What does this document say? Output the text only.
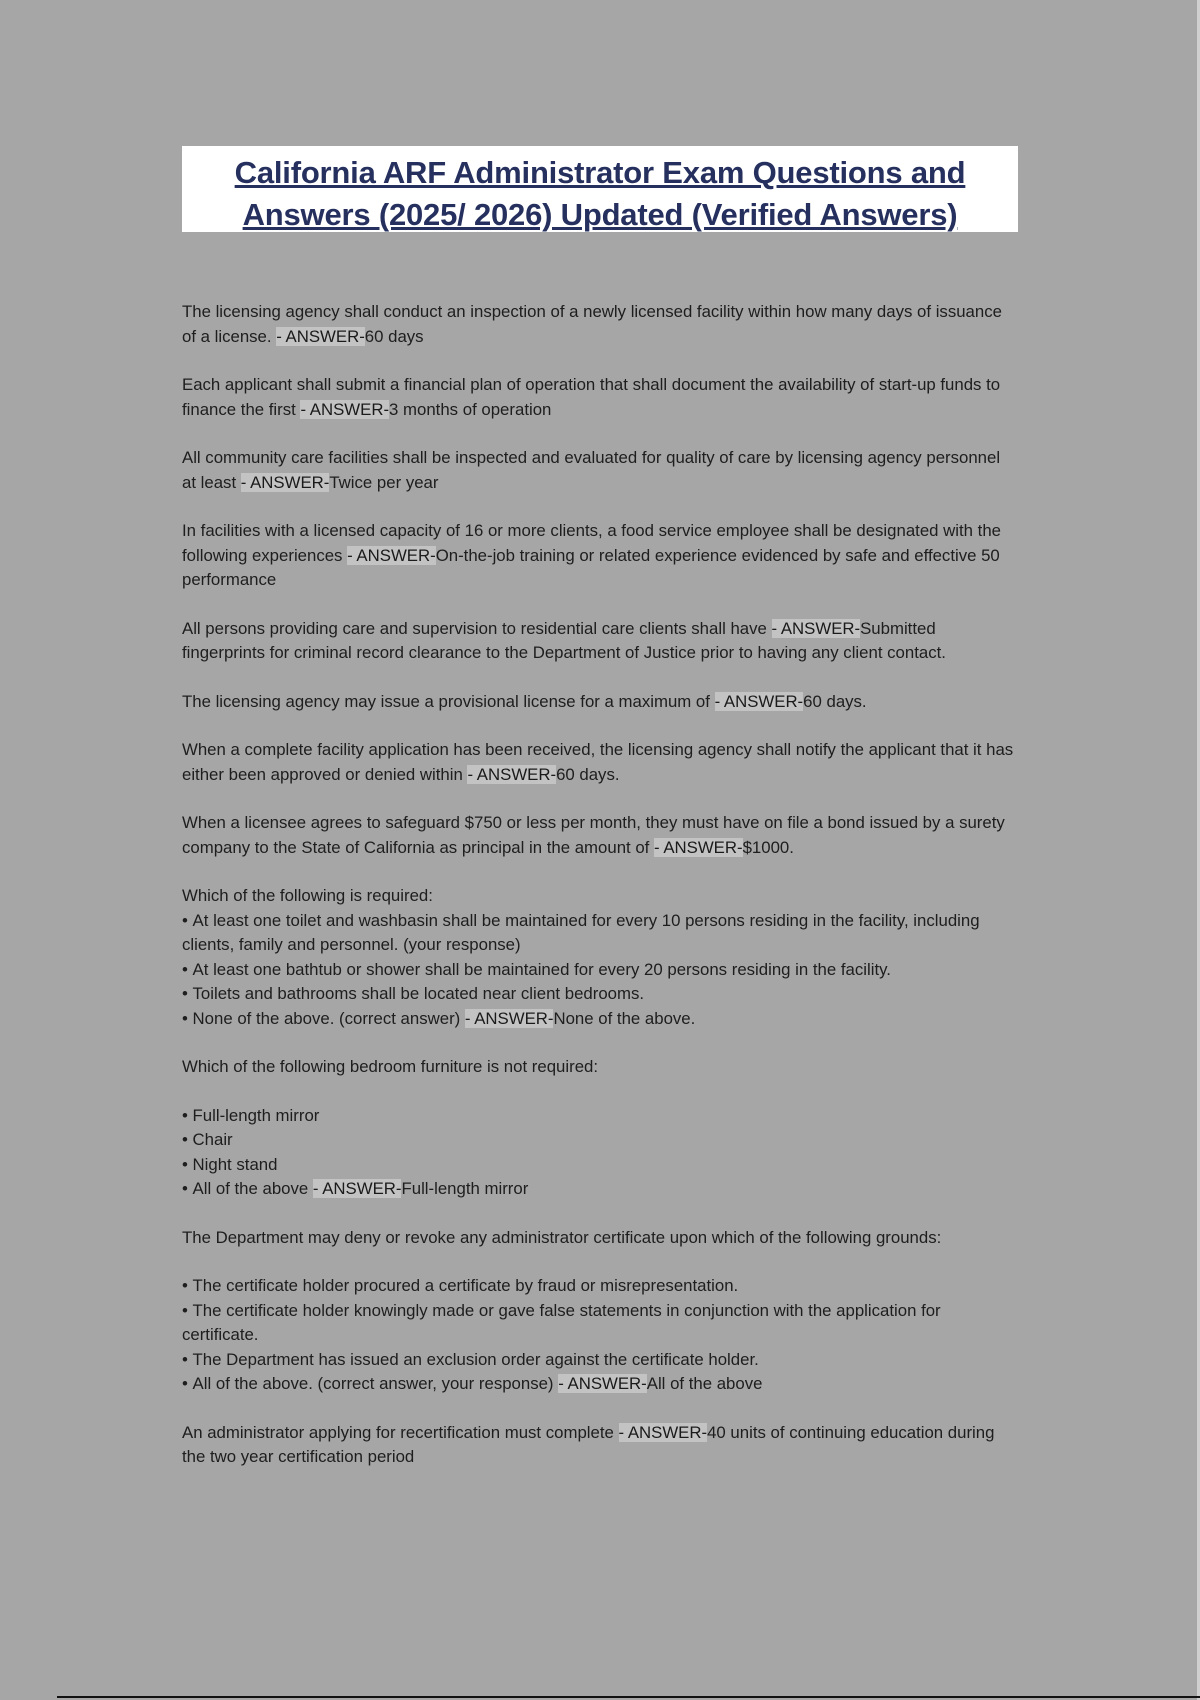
California ARF Administrator Exam Questions and
Answers (2025/ 2026) Updated (Verified Answers)

The licensing agency shall conduct an inspection of a newly licensed facility within how many days of issuance of a license. - ANSWER-60 days

Each applicant shall submit a financial plan of operation that shall document the availability of start-up funds to finance the first - ANSWER-3 months of operation

All community care facilities shall be inspected and evaluated for quality of care by licensing agency personnel at least - ANSWER-Twice per year

In facilities with a licensed capacity of 16 or more clients, a food service employee shall be designated with the following experiences - ANSWER-On-the-job training or related experience evidenced by safe and effective 50 performance

All persons providing care and supervision to residential care clients shall have - ANSWER-Submitted fingerprints for criminal record clearance to the Department of Justice prior to having any client contact.

The licensing agency may issue a provisional license for a maximum of - ANSWER-60 days.

When a complete facility application has been received, the licensing agency shall notify the applicant that it has either been approved or denied within - ANSWER-60 days.

When a licensee agrees to safeguard $750 or less per month, they must have on file a bond issued by a surety company to the State of California as principal in the amount of - ANSWER-$1000.

Which of the following is required:

• At least one toilet and washbasin shall be maintained for every 10 persons residing in the facility, including clients, family and personnel. (your response)
• At least one bathtub or shower shall be maintained for every 20 persons residing in the facility.
• Toilets and bathrooms shall be located near client bedrooms.
• None of the above. (correct answer) - ANSWER-None of the above.

Which of the following bedroom furniture is not required:

• Full-length mirror
• Chair
• Night stand
• All of the above - ANSWER-Full-length mirror

The Department may deny or revoke any administrator certificate upon which of the following grounds:

• The certificate holder procured a certificate by fraud or misrepresentation.
• The certificate holder knowingly made or gave false statements in conjunction with the application for certificate.
• The Department has issued an exclusion order against the certificate holder.
• All of the above. (correct answer, your response) - ANSWER-All of the above

An administrator applying for recertification must complete - ANSWER-40 units of continuing education during the two year certification period
